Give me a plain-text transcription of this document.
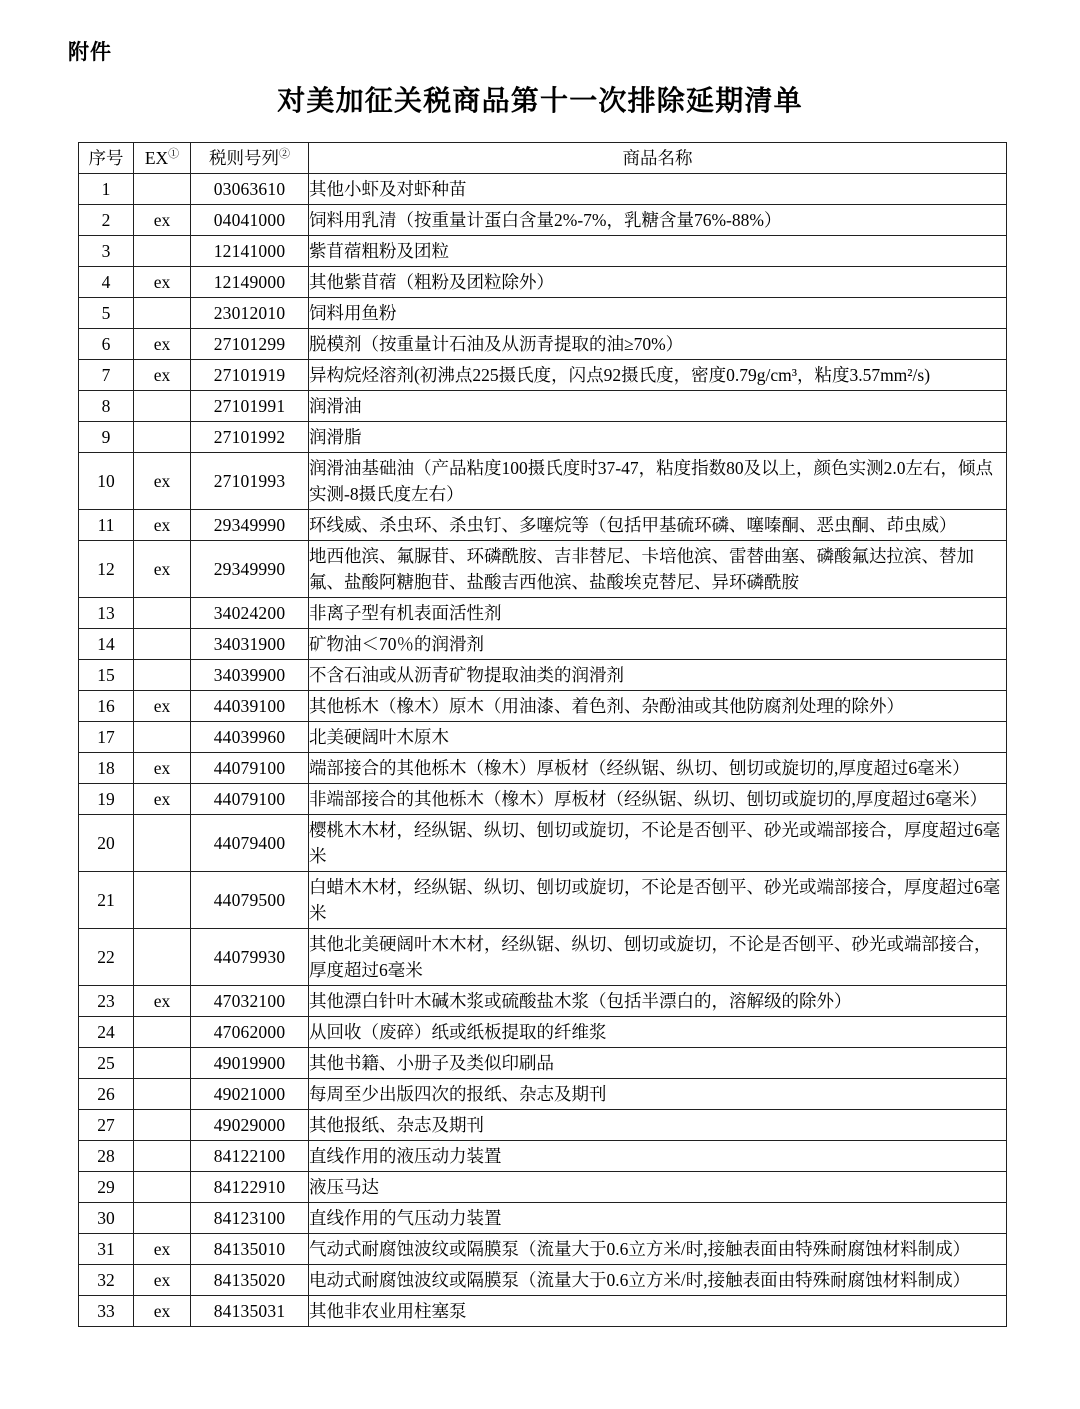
附件
对美加征关税商品第十一次排除延期清单
序号	EX①	税则号列②	商品名称
1		03063610	其他小虾及对虾种苗
2	ex	04041000	饲料用乳清（按重量计蛋白含量2%-7%，乳糖含量76%-88%）
3		12141000	紫苜蓿粗粉及团粒
4	ex	12149000	其他紫苜蓿（粗粉及团粒除外）
5		23012010	饲料用鱼粉
6	ex	27101299	脱模剂（按重量计石油及从沥青提取的油≥70%）
7	ex	27101919	异构烷烃溶剂(初沸点225摄氏度，闪点92摄氏度，密度0.79g/cm³，粘度3.57mm²/s)
8		27101991	润滑油
9		27101992	润滑脂
10	ex	27101993	润滑油基础油（产品粘度100摄氏度时37-47，粘度指数80及以上，颜色实测2.0左右，倾点实测-8摄氏度左右）
11	ex	29349990	环线威、杀虫环、杀虫钉、多噻烷等（包括甲基硫环磷、噻嗪酮、恶虫酮、茚虫威）
12	ex	29349990	地西他滨、氟脲苷、环磷酰胺、吉非替尼、卡培他滨、雷替曲塞、磷酸氟达拉滨、替加氟、盐酸阿糖胞苷、盐酸吉西他滨、盐酸埃克替尼、异环磷酰胺
13		34024200	非离子型有机表面活性剂
14		34031900	矿物油＜70％的润滑剂
15		34039900	不含石油或从沥青矿物提取油类的润滑剂
16	ex	44039100	其他栎木（橡木）原木（用油漆、着色剂、杂酚油或其他防腐剂处理的除外）
17		44039960	北美硬阔叶木原木
18	ex	44079100	端部接合的其他栎木（橡木）厚板材（经纵锯、纵切、刨切或旋切的,厚度超过6毫米）
19	ex	44079100	非端部接合的其他栎木（橡木）厚板材（经纵锯、纵切、刨切或旋切的,厚度超过6毫米）
20		44079400	樱桃木木材，经纵锯、纵切、刨切或旋切，不论是否刨平、砂光或端部接合，厚度超过6毫米
21		44079500	白蜡木木材，经纵锯、纵切、刨切或旋切，不论是否刨平、砂光或端部接合，厚度超过6毫米
22		44079930	其他北美硬阔叶木木材，经纵锯、纵切、刨切或旋切，不论是否刨平、砂光或端部接合，厚度超过6毫米
23	ex	47032100	其他漂白针叶木碱木浆或硫酸盐木浆（包括半漂白的，溶解级的除外）
24		47062000	从回收（废碎）纸或纸板提取的纤维浆
25		49019900	其他书籍、小册子及类似印刷品
26		49021000	每周至少出版四次的报纸、杂志及期刊
27		49029000	其他报纸、杂志及期刊
28		84122100	直线作用的液压动力装置
29		84122910	液压马达
30		84123100	直线作用的气压动力装置
31	ex	84135010	气动式耐腐蚀波纹或隔膜泵（流量大于0.6立方米/时,接触表面由特殊耐腐蚀材料制成）
32	ex	84135020	电动式耐腐蚀波纹或隔膜泵（流量大于0.6立方米/时,接触表面由特殊耐腐蚀材料制成）
33	ex	84135031	其他非农业用柱塞泵
